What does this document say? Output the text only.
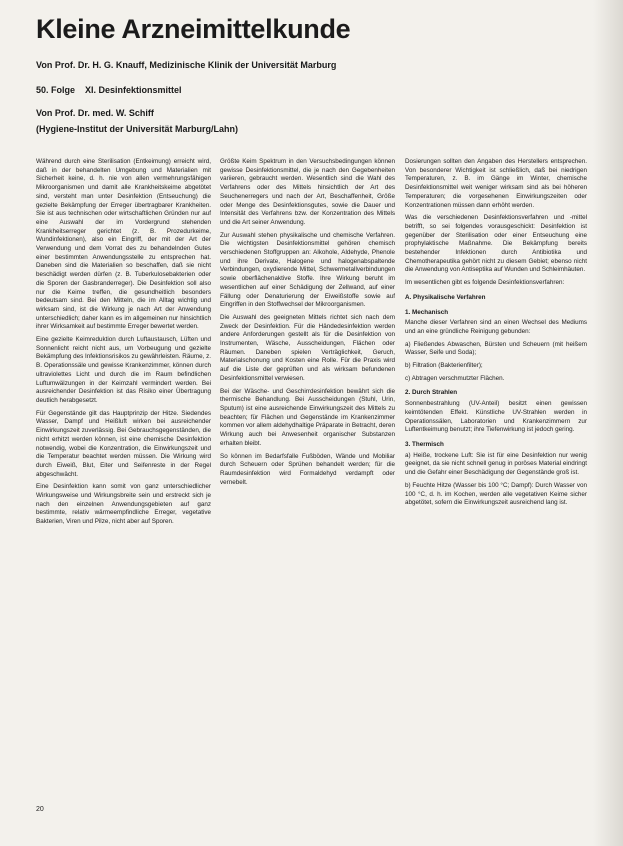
Kleine Arzneimittelkunde

Von Prof. Dr. H. G. Knauff, Medizinische Klinik der Universität Marburg

50. Folge    XI. Desinfektionsmittel

Von Prof. Dr. med. W. Schiff

(Hygiene-Institut der Universität Marburg/Lahn)

Während durch eine Sterilisation (Entkeimung) erreicht wird, daß in der behandelten Umgebung und Materialien mit Sicherheit keine, d. h. nie von allen vermehrungsfähigen Mikroorganismen und damit alle Krankheitskeime abgetötet sind, versteht man unter Desinfektion (Entseuchung) die gezielte Bekämpfung der Erreger übertragbarer Krankheiten. Sie ist aus technischen oder wirtschaftlichen Gründen nur auf eine Auswahl der im Vordergrund stehenden Krankheitserreger gerichtet (z. B. Prozedurkeime, Wundinfektionen), also ein Eingriff, der mit der Art der Verwendung und dem Vorrat des zu behandelnden Gutes einer bestimmten Anwendungsstelle zu entsprechen hat. Daneben sind die Materialien so beschaffen, daß sie nicht beschädigt werden dürfen (z. B. Tuberkulosebakterien oder die Sporen der Gasbranderreger). Die Desinfektion soll also nur die Keime treffen, die gesundheitlich besonders bedeutsam sind. Bei den Mitteln, die im Alltag wichtig und wirksam sind, ist die Wirkung je nach Art der Anwendung unterschiedlich; daher kann es im allgemeinen nur hinsichtlich ihrer Wirksamkeit auf bestimmte Erreger bewertet werden.

Eine gezielte Keimreduktion durch Luftaustausch, Lüften und Sonnenlicht reicht nicht aus, um Vorbeugung und gezielte Bekämpfung des Infektionsrisikos zu gewährleisten. Räume, z. B. Operationssäle und gewisse Krankenzimmer, können durch ultraviolettes Licht und durch die im Raum befindlichen Luftumwälzungen in der Keimzahl vermindert werden. Bei ausreichender Desinfektion ist das Risiko einer Übertragung deutlich herabgesetzt.

Für Gegenstände gilt das Hauptprinzip der Hitze. Siedendes Wasser, Dampf und Heißluft wirken bei ausreichender Einwirkungszeit zuverlässig. Bei Gebrauchsgegenständen, die nicht erhitzt werden können, ist eine chemische Desinfektion notwendig, wobei die Konzentration, die Einwirkungszeit und die Temperatur beachtet werden müssen. Die Wirkung wird durch Eiweiß, Blut, Eiter und Seifenreste in der Regel abgeschwächt.

Eine Desinfektion kann somit von ganz unterschiedlicher Wirkungsweise und Wirkungsbreite sein und erstreckt sich je nach den einzelnen Anwendungsgebieten auf ganz bestimmte, relativ wärmeempfindliche Erreger, vegetative Bakterien, Viren und Pilze, nicht aber auf Sporen.

Größte Keim Spektrum in den Versuchsbedingungen können gewisse Desinfektionsmittel, die je nach den Gegebenheiten variieren, gebraucht werden. Wesentlich sind die Wahl des Verfahrens oder des Mittels hinsichtlich der Art des Seuchenerregers und nach der Art, Beschaffenheit, Größe oder Menge des Desinfektionsgutes, sowie die Dauer und Intensität des Verfahrens bzw. der Konzentration des Mittels und die Art seiner Anwendung.

Zur Auswahl stehen physikalische und chemische Verfahren. Die wichtigsten Desinfektionsmittel gehören chemisch verschiedenen Stoffgruppen an: Alkohole, Aldehyde, Phenole und ihre Derivate, Halogene und halogenabspaltende Verbindungen, oxydierende Mittel, Schwermetallverbindungen sowie oberflächenaktive Stoffe. Ihre Wirkung beruht im wesentlichen auf einer Schädigung der Zellwand, auf einer Fällung oder Denaturierung der Eiweißstoffe sowie auf Eingriffen in den Stoffwechsel der Mikroorganismen.

Die Auswahl des geeigneten Mittels richtet sich nach dem Zweck der Desinfektion. Für die Händedesinfektion werden andere Anforderungen gestellt als für die Desinfektion von Instrumenten, Wäsche, Ausscheidungen, Flächen oder Räumen. Daneben spielen Verträglichkeit, Geruch, Materialschonung und Kosten eine Rolle. Für die Praxis wird auf die Liste der geprüften und als wirksam befundenen Desinfektionsmittel verwiesen.

Bei der Wäsche- und Geschirrdesinfektion bewährt sich die thermische Behandlung. Bei Ausscheidungen (Stuhl, Urin, Sputum) ist eine ausreichende Einwirkungszeit des Mittels zu beachten; für Flächen und Gegenstände im Krankenzimmer kommen vor allem aldehydhaltige Präparate in Betracht, deren Wirkung auch bei Anwesenheit organischer Substanzen erhalten bleibt.

So können im Bedarfsfalle Fußböden, Wände und Mobiliar durch Scheuern oder Sprühen behandelt werden; für die Raumdesinfektion wird Formaldehyd verdampft oder vernebelt.

Dosierungen sollten den Angaben des Herstellers entsprechen. Von besonderer Wichtigkeit ist schließlich, daß bei niedrigen Temperaturen, z. B. im Gänge im Winter, chemische Desinfektionsmittel weit weniger wirksam sind als bei höheren Temperaturen; die vorgesehenen Einwirkungszeiten oder Konzentrationen müssen dann erhöht werden.

Was die verschiedenen Desinfektionsverfahren und -mittel betrifft, so sei folgendes vorausgeschickt: Desinfektion ist gegenüber der Sterilisation oder einer Entseuchung eine prophylaktische Maßnahme. Die Bekämpfung bereits bestehender Infektionen durch Antibiotika und Chemotherapeutika gehört nicht zu diesem Gebiet; ebenso nicht die Anwendung von Antiseptika auf Wunden und Schleimhäuten.

Im wesentlichen gibt es folgende Desinfektionsverfahren:

A. Physikalische Verfahren
1. Mechanisch

Manche dieser Verfahren sind an einen Wechsel des Mediums und an eine gründliche Reinigung gebunden:

a) Fließendes Abwaschen, Bürsten und Scheuern (mit heißem Wasser, Seife und Soda);

b) Filtration (Bakterienfilter);

c) Abtragen verschmutzter Flächen.

2. Durch Strahlen

Sonnenbestrahlung (UV-Anteil) besitzt einen gewissen keimtötenden Effekt. Künstliche UV-Strahlen werden in Operationssälen, Laboratorien und Krankenzimmern zur Luftentkeimung benutzt; ihre Tiefenwirkung ist jedoch gering.

3. Thermisch

a) Heiße, trockene Luft: Sie ist für eine Desinfektion nur wenig geeignet, da sie nicht schnell genug in poröses Material eindringt und die Gefahr einer Beschädigung der Gegenstände groß ist.

b) Feuchte Hitze (Wasser bis 100 °C; Dampf): Durch Wasser von 100 °C, d. h. im Kochen, werden alle vegetativen Keime sicher abgetötet, sofern die Einwirkungszeit ausreichend lang ist.

20
